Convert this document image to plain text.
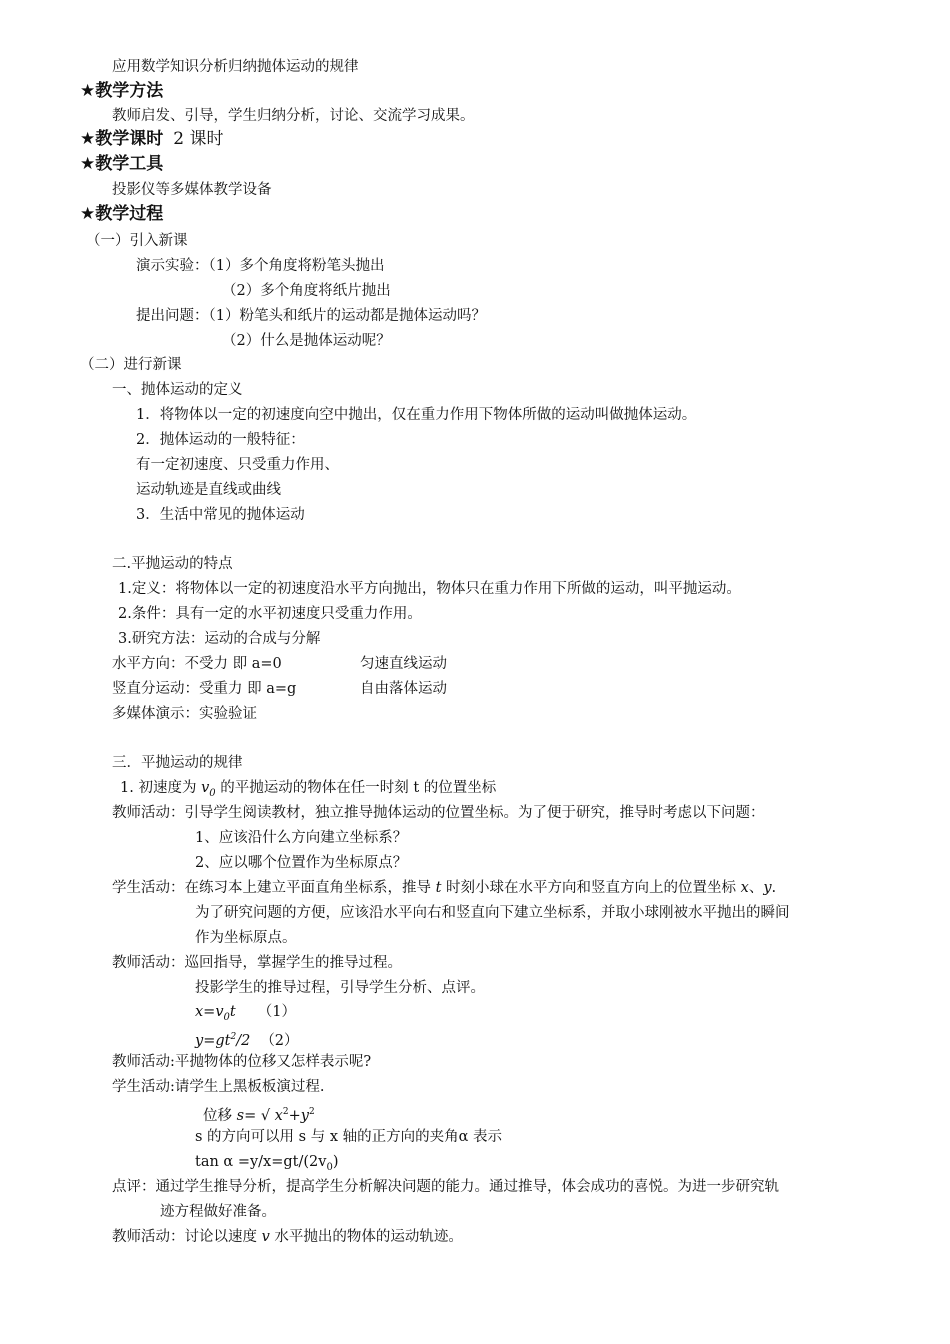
应用数学知识分析归纳抛体运动的规律
★教学方法
教师启发、引导，学生归纳分析，讨论、交流学习成果。
★教学课时 2 课时
★教学工具
投影仪等多媒体教学设备
★教学过程
（一）引入新课
演示实验：（1）多个角度将粉笔头抛出
（2）多个角度将纸片抛出
提出问题：（1）粉笔头和纸片的运动都是抛体运动吗？
（2）什么是抛体运动呢？
（二）进行新课
一、抛体运动的定义
1．将物体以一定的初速度向空中抛出，仅在重力作用下物体所做的运动叫做抛体运动。
2．抛体运动的一般特征：
有一定初速度、只受重力作用、
运动轨迹是直线或曲线
3．生活中常见的抛体运动
二.平抛运动的特点
1.定义：将物体以一定的初速度沿水平方向抛出，物体只在重力作用下所做的运动，叫平抛运动。
2.条件：具有一定的水平初速度只受重力作用。
3.研究方法：运动的合成与分解
水平方向：不受力 即 a=0	匀速直线运动
竖直分运动：受重力 即 a=g	自由落体运动
多媒体演示：实验验证
三．平抛运动的规律
1. 初速度为 $v_0$ 的平抛运动的物体在任一时刻 t 的位置坐标
教师活动：引导学生阅读教材，独立推导抛体运动的位置坐标。为了便于研究，推导时考虑以下问题：
1、应该沿什么方向建立坐标系？
2、应以哪个位置作为坐标原点？
学生活动：在练习本上建立平面直角坐标系，推导 t 时刻小球在水平方向和竖直方向上的位置坐标 x、y.
为了研究问题的方便，应该沿水平向右和竖直向下建立坐标系，并取小球刚被水平抛出的瞬间
作为坐标原点。
教师活动：巡回指导，掌握学生的推导过程。
投影学生的推导过程，引导学生分析、点评。
$x=v_0t$ （1）
$y=gt^2/2$ （2）
教师活动:平抛物体的位移又怎样表示呢?
学生活动:请学生上黑板板演过程.
位移 s= √ $x^2+y^2$
s 的方向可以用 s 与 x 轴的正方向的夹角α 表示
$\tan \alpha =y/x=gt/(2v_0)$
点评：通过学生推导分析，提高学生分析解决问题的能力。通过推导，体会成功的喜悦。为进一步研究轨
迹方程做好准备。
教师活动：讨论以速度 v 水平抛出的物体的运动轨迹。
